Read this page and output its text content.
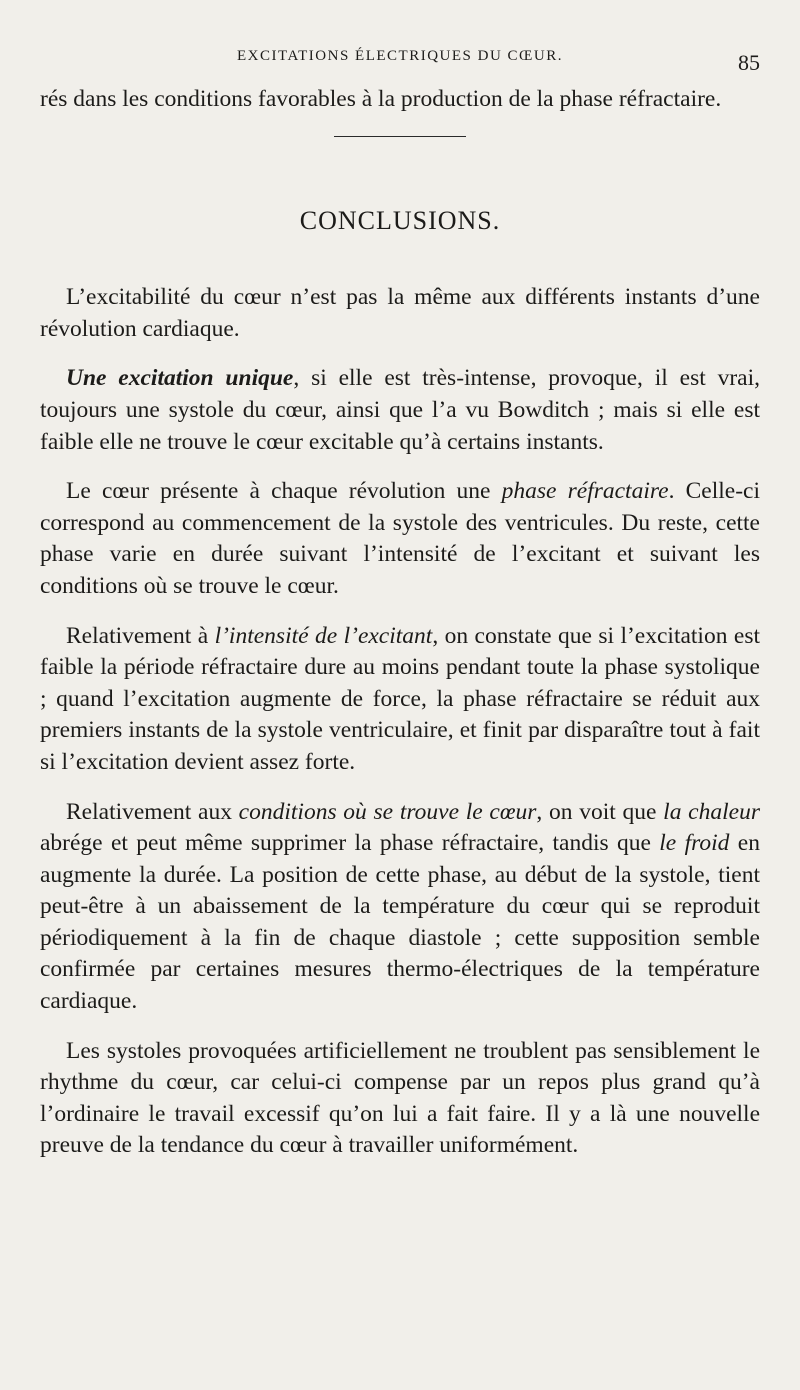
EXCITATIONS ÉLECTRIQUES DU CŒUR.	85

rés dans les conditions favorables à la production de la phase réfractaire.

CONCLUSIONS.

L’excitabilité du cœur n’est pas la même aux différents instants d’une révolution cardiaque.

Une excitation unique, si elle est très-intense, provoque, il est vrai, toujours une systole du cœur, ainsi que l’a vu Bowditch ; mais si elle est faible elle ne trouve le cœur excitable qu’à certains instants.

Le cœur présente à chaque révolution une phase réfractaire. Celle-ci correspond au commencement de la systole des ventricules. Du reste, cette phase varie en durée suivant l’intensité de l’excitant et suivant les conditions où se trouve le cœur.

Relativement à l’intensité de l’excitant, on constate que si l’excitation est faible la période réfractaire dure au moins pendant toute la phase systolique ; quand l’excitation augmente de force, la phase réfractaire se réduit aux premiers instants de la systole ventriculaire, et finit par disparaître tout à fait si l’excitation devient assez forte.

Relativement aux conditions où se trouve le cœur, on voit que la chaleur abrége et peut même supprimer la phase réfractaire, tandis que le froid en augmente la durée. La position de cette phase, au début de la systole, tient peut-être à un abaissement de la température du cœur qui se reproduit périodiquement à la fin de chaque diastole ; cette supposition semble confirmée par certaines mesures thermo-électriques de la température cardiaque.

Les systoles provoquées artificiellement ne troublent pas sensiblement le rhythme du cœur, car celui-ci compense par un repos plus grand qu’à l’ordinaire le travail excessif qu’on lui a fait faire. Il y a là une nouvelle preuve de la tendance du cœur à travailler uniformément.
